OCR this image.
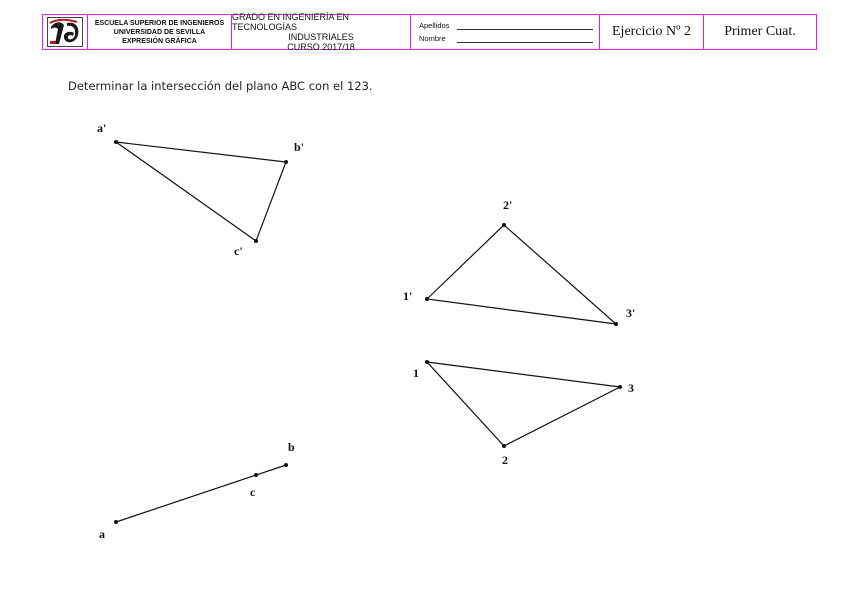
ESCUELA SUPERIOR DE INGENIEROS
UNIVERSIDAD DE SEVILLA
EXPRESIÓN GRÁFICA
GRADO EN INGENIERÍA EN TECNOLOGÍAS
INDUSTRIALES
CURSO 2017/18
Apellidos
Nombre	Ejercicio Nº 2 Primer Cuat.
Determinar la intersección del plano ABC con el 123.
a'
b'
c'
2'
1'
3'
1
3
2
b
c
a
